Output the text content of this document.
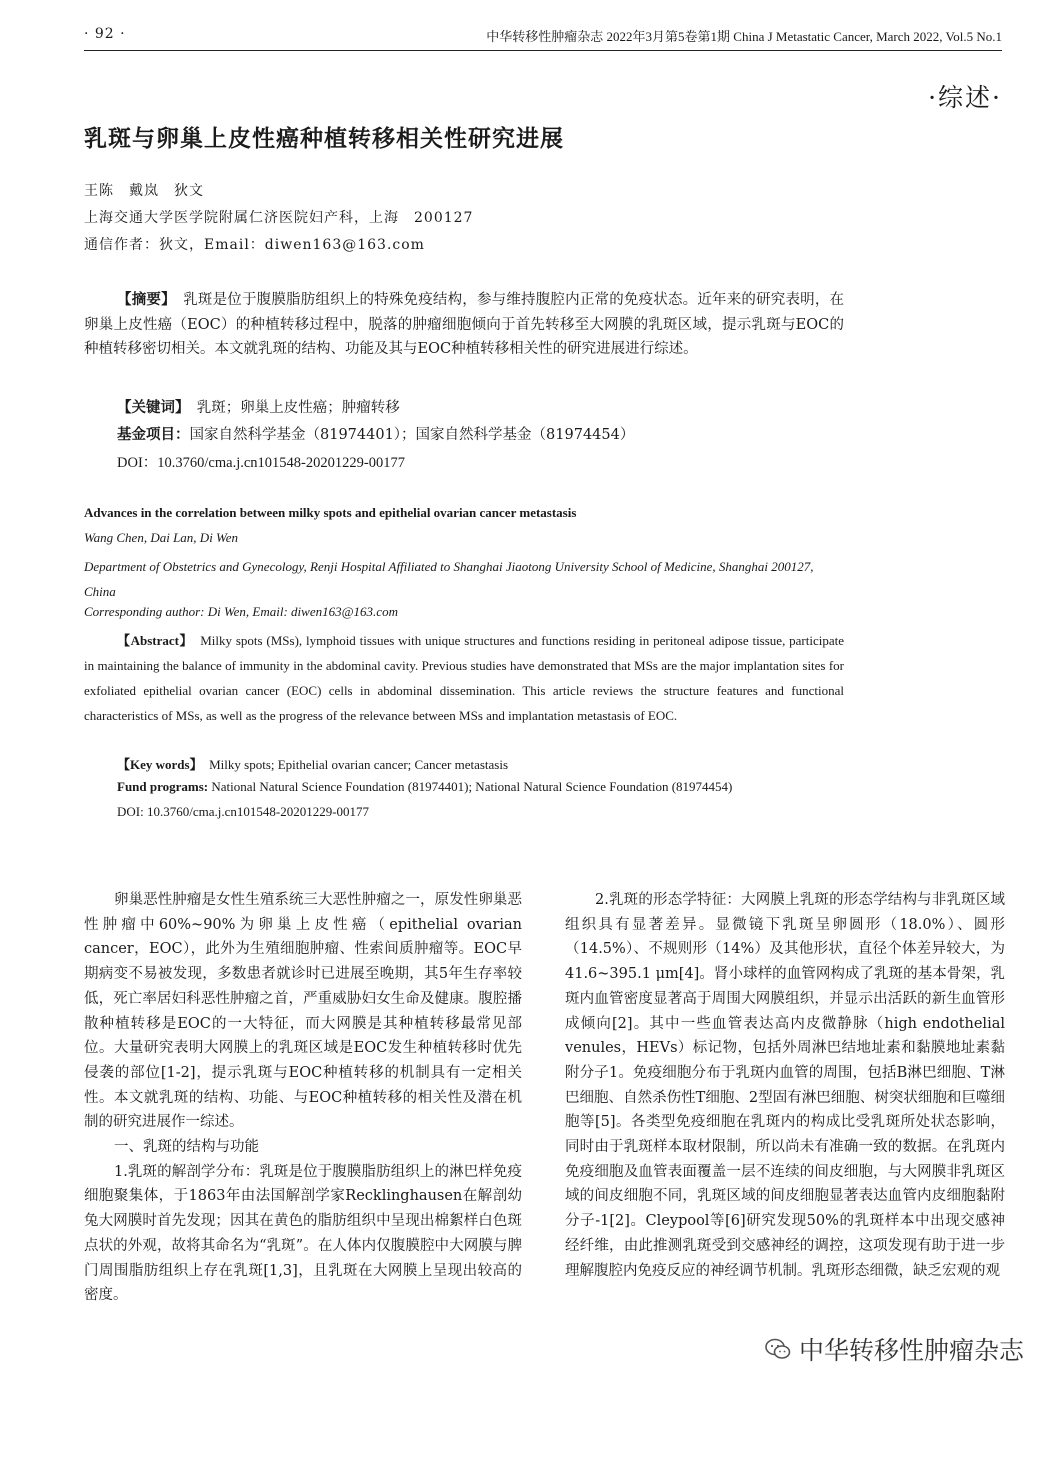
· 92 ·	中华转移性肿瘤杂志 2022年3月第5卷第1期 China J Metastatic Cancer, March 2022, Vol.5 No.1
·综述·
乳斑与卵巢上皮性癌种植转移相关性研究进展
王陈　戴岚　狄文
上海交通大学医学院附属仁济医院妇产科，上海　200127
通信作者：狄文，Email：diwen163@163.com

【摘要】　 乳斑是位于腹膜脂肪组织上的特殊免疫结构，参与维持腹腔内正常的免疫状态。近年来的研究表明，在卵巢上皮性癌（EOC）的种植转移过程中，脱落的肿瘤细胞倾向于首先转移至大网膜的乳斑区域，提示乳斑与EOC的种植转移密切相关。本文就乳斑的结构、功能及其与EOC种植转移相关性的研究进展进行综述。

【关键词】　 乳斑；卵巢上皮性癌；肿瘤转移
基金项目：国家自然科学基金（81974401）；国家自然科学基金（81974454）
DOI：10.3760/cma.j.cn101548-20201229-00177
Advances in the correlation between milky spots and epithelial ovarian cancer metastasis
Wang Chen, Dai Lan, Di Wen
Department of Obstetrics and Gynecology, Renji Hospital Affiliated to Shanghai Jiaotong University School of Medicine, Shanghai 200127, China
Corresponding author: Di Wen, Email: diwen163@163.com

【Abstract】　 Milky spots (MSs), lymphoid tissues with unique structures and functions residing in peritoneal adipose tissue, participate in maintaining the balance of immunity in the abdominal cavity. Previous studies have demonstrated that MSs are the major implantation sites for exfoliated epithelial ovarian cancer (EOC) cells in abdominal dissemination. This article reviews the structure features and functional characteristics of MSs, as well as the progress of the relevance between MSs and implantation metastasis of EOC.

【Key words】　 Milky spots; Epithelial ovarian cancer; Cancer metastasis
Fund programs: National Natural Science Foundation (81974401); National Natural Science Foundation (81974454)
DOI: 10.3760/cma.j.cn101548-20201229-00177

卵巢恶性肿瘤是女性生殖系统三大恶性肿瘤之一，原发性卵巢恶性肿瘤中60%~90%为卵巢上皮性癌（epithelial ovarian cancer，EOC），此外为生殖细胞肿瘤、性索间质肿瘤等。EOC早期病变不易被发现，多数患者就诊时已进展至晚期，其5年生存率较低，死亡率居妇科恶性肿瘤之首，严重威胁妇女生命及健康。腹腔播散种植转移是EOC的一大特征，而大网膜是其种植转移最常见部位。大量研究表明大网膜上的乳斑区域是EOC发生种植转移时优先侵袭的部位[1-2]，提示乳斑与EOC种植转移的机制具有一定相关性。本文就乳斑的结构、功能、与EOC种植转移的相关性及潜在机制的研究进展作一综述。

一、乳斑的结构与功能

1.乳斑的解剖学分布：乳斑是位于腹膜脂肪组织上的淋巴样免疫细胞聚集体，于1863年由法国解剖学家Recklinghausen在解剖幼兔大网膜时首先发现；因其在黄色的脂肪组织中呈现出棉絮样白色斑点状的外观，故将其命名为“乳斑”。在人体内仅腹膜腔中大网膜与脾门周围脂肪组织上存在乳斑[1,3]，且乳斑在大网膜上呈现出较高的密度。

2.乳斑的形态学特征：大网膜上乳斑的形态学结构与非乳斑区域组织具有显著差异。显微镜下乳斑呈卵圆形（18.0%）、圆形（14.5%）、不规则形（14%）及其他形状，直径个体差异较大，为41.6~395.1 μm[4]。肾小球样的血管网构成了乳斑的基本骨架，乳斑内血管密度显著高于周围大网膜组织，并显示出活跃的新生血管形成倾向[2]。其中一些血管表达高内皮微静脉（high endothelial venules，HEVs）标记物，包括外周淋巴结地址素和黏膜地址素黏附分子1。免疫细胞分布于乳斑内血管的周围，包括B淋巴细胞、T淋巴细胞、自然杀伤性T细胞、2型固有淋巴细胞、树突状细胞和巨噬细胞等[5]。各类型免疫细胞在乳斑内的构成比受乳斑所处状态影响，同时由于乳斑样本取材限制，所以尚未有准确一致的数据。在乳斑内免疫细胞及血管表面覆盖一层不连续的间皮细胞，与大网膜非乳斑区域的间皮细胞不同，乳斑区域的间皮细胞显著表达血管内皮细胞黏附分子-1[2]。Cleypool等[6]研究发现50%的乳斑样本中出现交感神经纤维，由此推测乳斑受到交感神经的调控，这项发现有助于进一步理解腹腔内免疫反应的神经调节机制。乳斑形态细微，缺乏宏观的观

中华转移性肿瘤杂志
